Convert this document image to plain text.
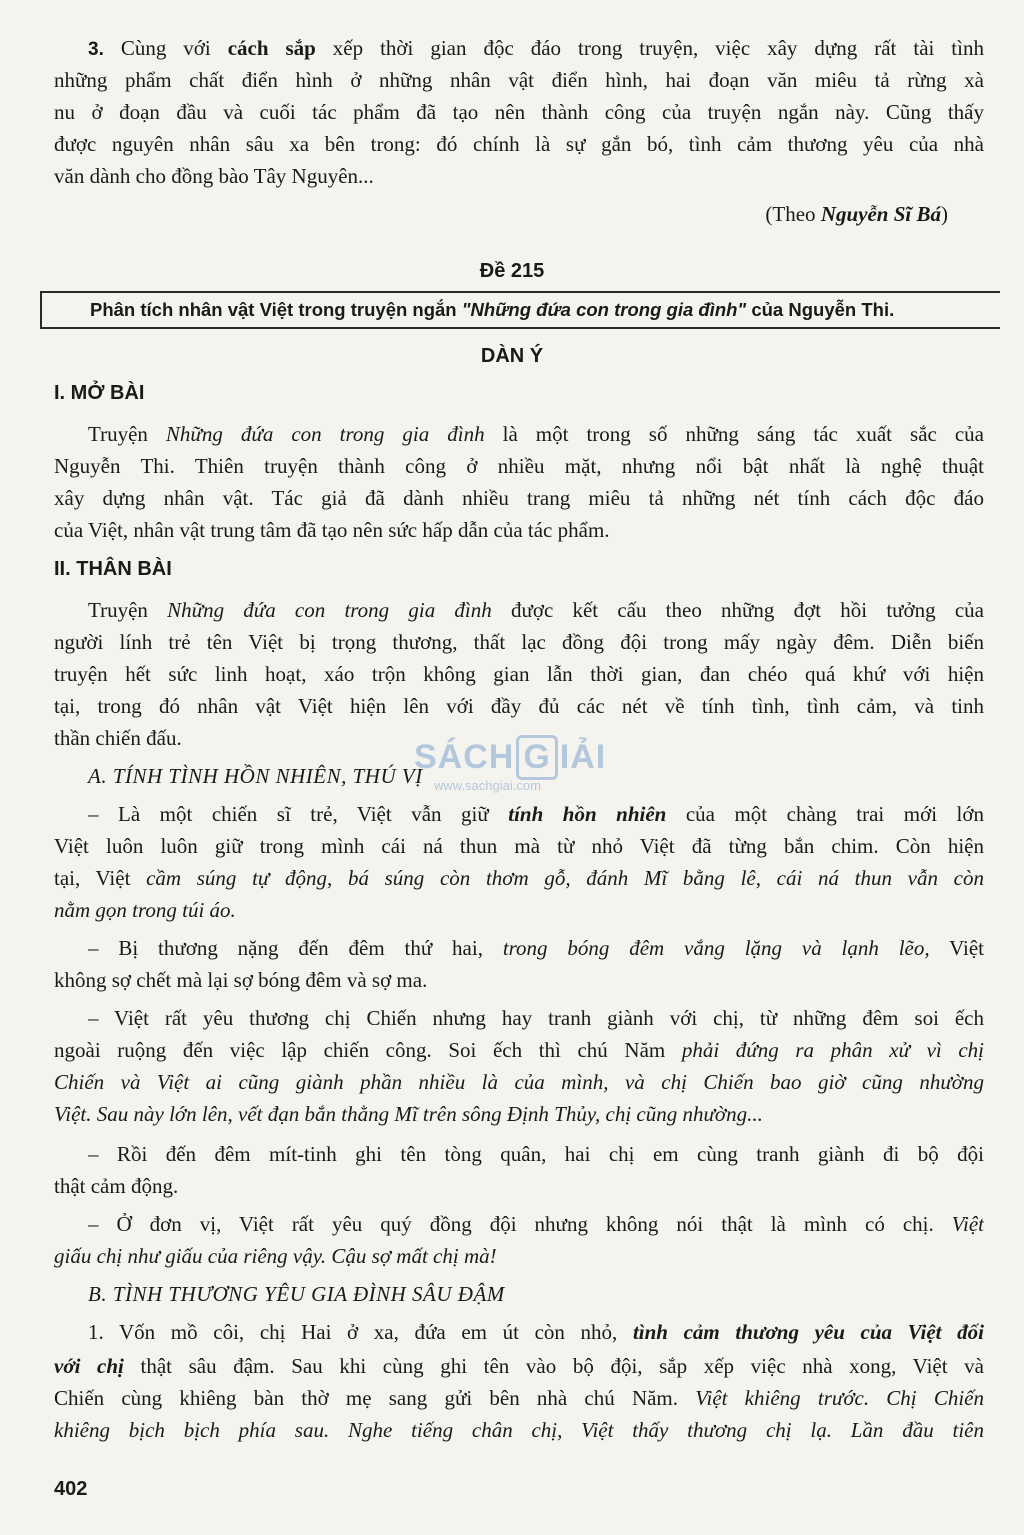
3. Cùng với cách sắp xếp thời gian độc đáo trong truyện, việc xây dựng rất tài tình
những phẩm chất điển hình ở những nhân vật điển hình, hai đoạn văn miêu tả rừng xà
nu ở đoạn đầu và cuối tác phẩm đã tạo nên thành công của truyện ngắn này. Cũng thấy
được nguyên nhân sâu xa bên trong: đó chính là sự gắn bó, tình cảm thương yêu của nhà
văn dành cho đồng bào Tây Nguyên...
(Theo Nguyễn Sĩ Bá)
Đề 215
Phân tích nhân vật Việt trong truyện ngắn "Những đứa con trong gia đình" của Nguyễn Thi.
DÀN Ý
I. MỞ BÀI
Truyện Những đứa con trong gia đình là một trong số những sáng tác xuất sắc của
Nguyễn Thi. Thiên truyện thành công ở nhiều mặt, nhưng nổi bật nhất là nghệ thuật
xây dựng nhân vật. Tác giả đã dành nhiều trang miêu tả những nét tính cách độc đáo
của Việt, nhân vật trung tâm đã tạo nên sức hấp dẫn của tác phẩm.
II. THÂN BÀI
Truyện Những đứa con trong gia đình được kết cấu theo những đợt hồi tưởng của
người lính trẻ tên Việt bị trọng thương, thất lạc đồng đội trong mấy ngày đêm. Diễn biến
truyện hết sức linh hoạt, xáo trộn không gian lẫn thời gian, đan chéo quá khứ với hiện
tại, trong đó nhân vật Việt hiện lên với đầy đủ các nét về tính tình, tình cảm, và tinh
thần chiến đấu.
A. TÍNH TÌNH HỒN NHIÊN, THÚ VỊ
– Là một chiến sĩ trẻ, Việt vẫn giữ tính hồn nhiên của một chàng trai mới lớn
Việt luôn luôn giữ trong mình cái ná thun mà từ nhỏ Việt đã từng bắn chim. Còn hiện
tại, Việt cầm súng tự động, bá súng còn thơm gỗ, đánh Mĩ bằng lê, cái ná thun vẫn còn
nằm gọn trong túi áo.
– Bị thương nặng đến đêm thứ hai, trong bóng đêm vắng lặng và lạnh lẽo, Việt
không sợ chết mà lại sợ bóng đêm và sợ ma.
– Việt rất yêu thương chị Chiến nhưng hay tranh giành với chị, từ những đêm soi ếch
ngoài ruộng đến việc lập chiến công. Soi ếch thì chú Năm phải đứng ra phân xử vì chị
Chiến và Việt ai cũng giành phần nhiều là của mình, và chị Chiến bao giờ cũng nhường
Việt. Sau này lớn lên, vết đạn bắn thằng Mĩ trên sông Định Thủy, chị cũng nhường...
– Rồi đến đêm mít-tinh ghi tên tòng quân, hai chị em cùng tranh giành đi bộ đội
thật cảm động.
– Ở đơn vị, Việt rất yêu quý đồng đội nhưng không nói thật là mình có chị. Việt
giấu chị như giấu của riêng vậy. Cậu sợ mất chị mà!
B. TÌNH THƯƠNG YÊU GIA ĐÌNH SÂU ĐẬM
1. Vốn mồ côi, chị Hai ở xa, đứa em út còn nhỏ, tình cảm thương yêu của Việt đối
với chị thật sâu đậm. Sau khi cùng ghi tên vào bộ đội, sắp xếp việc nhà xong, Việt và
Chiến cùng khiêng bàn thờ mẹ sang gửi bên nhà chú Năm. Việt khiêng trước. Chị Chiến
khiêng bịch bịch phía sau. Nghe tiếng chân chị, Việt thấy thương chị lạ. Lần đầu tiên
SÁCH G IẢI
www.sachgiai.com
402
